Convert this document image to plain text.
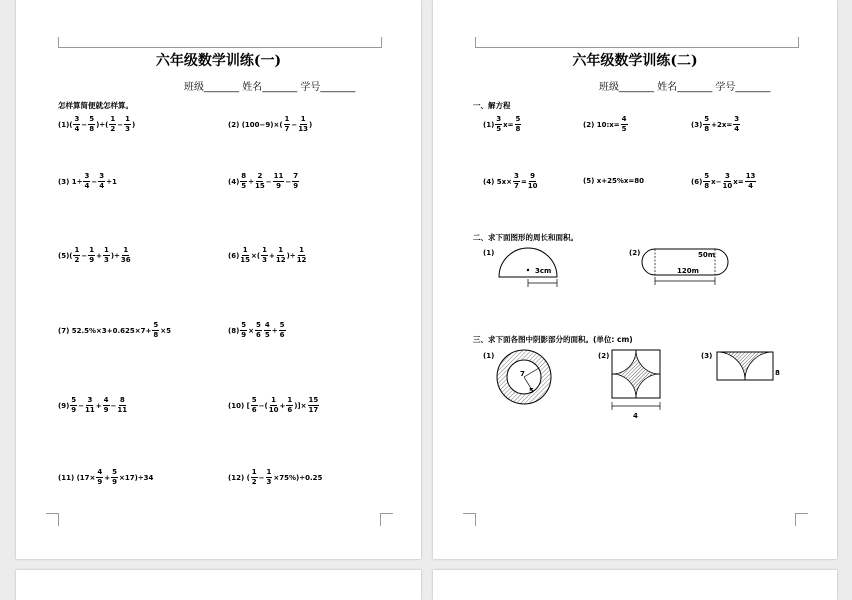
六年级数学训练(一)
班级_______ 姓名_______ 学号_______
怎样算简便就怎样算。
(1) ( $\frac{3}{4} - \frac{5}{8}$ )÷( $\frac{1}{2} - \frac{1}{3}$ )	(2) $(100-9)\times( \frac{1}{7} - \frac{1}{13}$ )
(3) $1\div \frac{3}{4} - \frac{3}{4} \div 1$	$(4) \frac{8}{5} \div \frac{2}{15} - \frac{11}{9} - \frac{7}{9}$
$(5)( \frac{1}{2} - \frac{1}{9} + \frac{1}{3}$ )÷ $\frac{1}{36}$	$(6) \frac{1}{15}$ ×( $\frac{1}{3} + \frac{1}{12}$ )÷ $\frac{1}{12}$
(7) $52.5\%\times 3+0.625\times 7+ \frac{5}{8} \times 5$	$(8) \frac{5}{9} \times \frac{5}{6} \frac{4}{5} \div \frac{5}{6}$
$(9) \frac{5}{9} - \frac{3}{11} + \frac{4}{9} - \frac{8}{11}$	(10) [ $\frac{5}{6}$ −( $\frac{1}{10} + \frac{1}{6}$ )]× $\frac{15}{17}$
(11) $(17\times \frac{4}{9} + \frac{5}{9} \times 17)\div 34$	(12) ( $\frac{1}{2} - \frac{1}{3} \times 75\%)\div 0.25$
六年级数学训练(二)
班级_______ 姓名_______ 学号_______
一、解方程
$(1) \frac{3}{5} x= \frac{5}{8}$	(2) 10:x= $\frac{4}{5}$	$(3) \frac{5}{8} +2x= \frac{3}{4}$
(4) $5x\times \frac{3}{7} = \frac{9}{10}$	(5) x+25%x=80	$(6) \frac{5}{8} x- \frac{3}{10} x= \frac{13}{4}$
二、求下面图形的周长和面积。
(1)
3cm
(2)	50m
120m
三、求下面各图中阴影部分的面积。(单位: cm)
(1)
7
5
(2)
4
(3)
8
